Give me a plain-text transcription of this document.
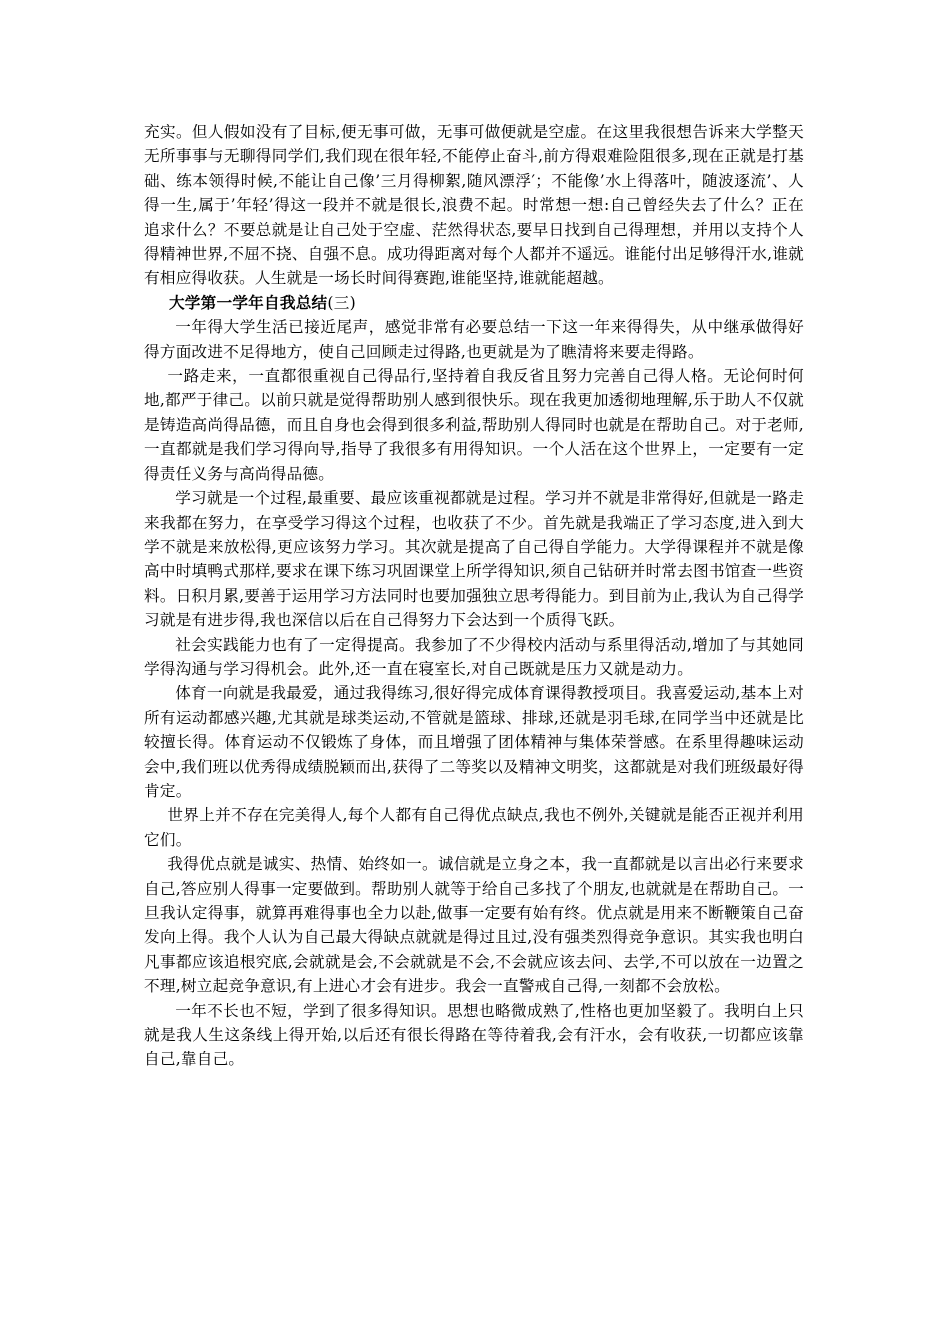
充实。但人假如没有了目标,便无事可做，无事可做便就是空虚。在这里我很想告诉来大学整天无所事事与无聊得同学们,我们现在很年轻,不能停止奋斗,前方得艰难险阻很多,现在正就是打基础、练本领得时候,不能让自己像’三月得柳絮,随风漂浮′；不能像’水上得落叶，随波逐流’、人得一生,属于’年轻’得这一段并不就是很长,浪费不起。时常想一想:自己曾经失去了什么？正在追求什么？不要总就是让自己处于空虚、茫然得状态,要早日找到自己得理想，并用以支持个人得精神世界,不屈不挠、自强不息。成功得距离对每个人都并不遥远。谁能付出足够得汗水,谁就有相应得收获。人生就是一场长时间得赛跑,谁能坚持,谁就能超越。

大学第一学年自我总结(三)

一年得大学生活已接近尾声，感觉非常有必要总结一下这一年来得得失，从中继承做得好得方面改进不足得地方，使自己回顾走过得路,也更就是为了瞧清将来要走得路。

一路走来，一直都很重视自己得品行,坚持着自我反省且努力完善自己得人格。无论何时何地,都严于律己。以前只就是觉得帮助别人感到很快乐。现在我更加透彻地理解,乐于助人不仅就是铸造高尚得品德，而且自身也会得到很多利益,帮助别人得同时也就是在帮助自己。对于老师,一直都就是我们学习得向导,指导了我很多有用得知识。一个人活在这个世界上，一定要有一定得责任义务与高尚得品德。

学习就是一个过程,最重要、最应该重视都就是过程。学习并不就是非常得好,但就是一路走来我都在努力，在享受学习得这个过程，也收获了不少。首先就是我端正了学习态度,进入到大学不就是来放松得,更应该努力学习。其次就是提高了自己得自学能力。大学得课程并不就是像高中时填鸭式那样,要求在课下练习巩固课堂上所学得知识,须自己钻研并时常去图书馆查一些资料。日积月累,要善于运用学习方法同时也要加强独立思考得能力。到目前为止,我认为自己得学习就是有进步得,我也深信以后在自己得努力下会达到一个质得飞跃。

社会实践能力也有了一定得提高。我参加了不少得校内活动与系里得活动,增加了与其她同学得沟通与学习得机会。此外,还一直在寝室长,对自己既就是压力又就是动力。

体育一向就是我最爱，通过我得练习,很好得完成体育课得教授项目。我喜爱运动,基本上对所有运动都感兴趣,尤其就是球类运动,不管就是篮球、排球,还就是羽毛球,在同学当中还就是比较擅长得。体育运动不仅锻炼了身体，而且增强了团体精神与集体荣誉感。在系里得趣味运动会中,我们班以优秀得成绩脱颖而出,获得了二等奖以及精神文明奖，这都就是对我们班级最好得肯定。

世界上并不存在完美得人,每个人都有自己得优点缺点,我也不例外,关键就是能否正视并利用它们。

我得优点就是诚实、热情、始终如一。诚信就是立身之本，我一直都就是以言出必行来要求自己,答应别人得事一定要做到。帮助别人就等于给自己多找了个朋友,也就就是在帮助自己。一旦我认定得事，就算再难得事也全力以赴,做事一定要有始有终。优点就是用来不断鞭策自己奋发向上得。我个人认为自己最大得缺点就就是得过且过,没有强类烈得竞争意识。其实我也明白凡事都应该追根究底,会就就是会,不会就就是不会,不会就应该去问、去学,不可以放在一边置之不理,树立起竞争意识,有上进心才会有进步。我会一直警戒自己得,一刻都不会放松。

一年不长也不短，学到了很多得知识。思想也略微成熟了,性格也更加坚毅了。我明白上只就是我人生这条线上得开始,以后还有很长得路在等待着我,会有汗水，会有收获,一切都应该靠自己,靠自己。
